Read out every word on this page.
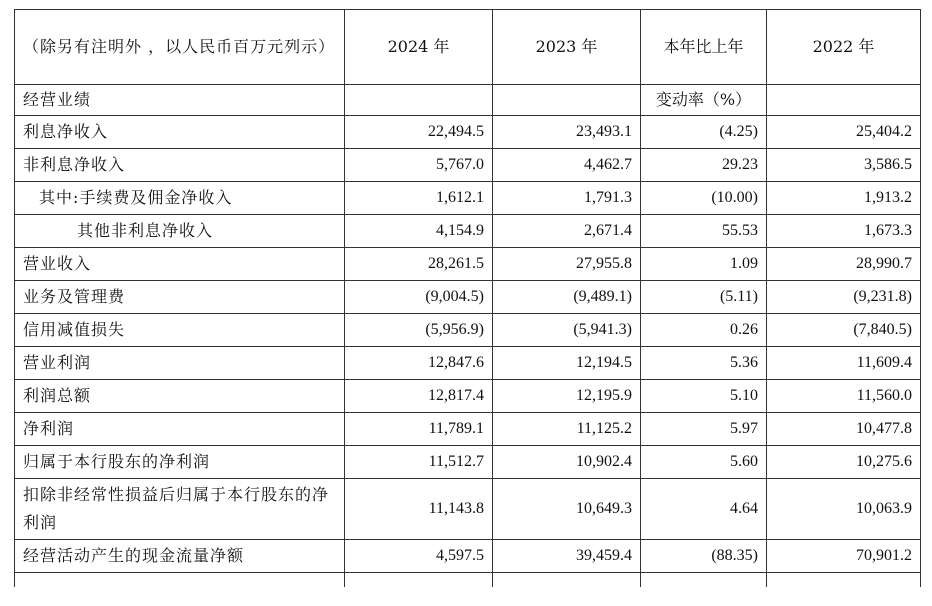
（除另有注明外 ，以人民币百万元列示）	2024 年	2023 年	本年比上年	2022 年
经营业绩			变动率（%）	
利息净收入	22,494.5	23,493.1	(4.25)	25,404.2
非利息净收入	5,767.0	4,462.7	29.23	3,586.5
其中:手续费及佣金净收入	1,612.1	1,791.3	(10.00)	1,913.2
其他非利息净收入	4,154.9	2,671.4	55.53	1,673.3
营业收入	28,261.5	27,955.8	1.09	28,990.7
业务及管理费	(9,004.5)	(9,489.1)	(5.11)	(9,231.8)
信用减值损失	(5,956.9)	(5,941.3)	0.26	(7,840.5)
营业利润	12,847.6	12,194.5	5.36	11,609.4
利润总额	12,817.4	12,195.9	5.10	11,560.0
净利润	11,789.1	11,125.2	5.97	10,477.8
归属于本行股东的净利润	11,512.7	10,902.4	5.60	10,275.6
扣除非经常性损益后归属于本行股东的净利润	11,143.8	10,649.3	4.64	10,063.9
经营活动产生的现金流量净额	4,597.5	39,459.4	(88.35)	70,901.2
